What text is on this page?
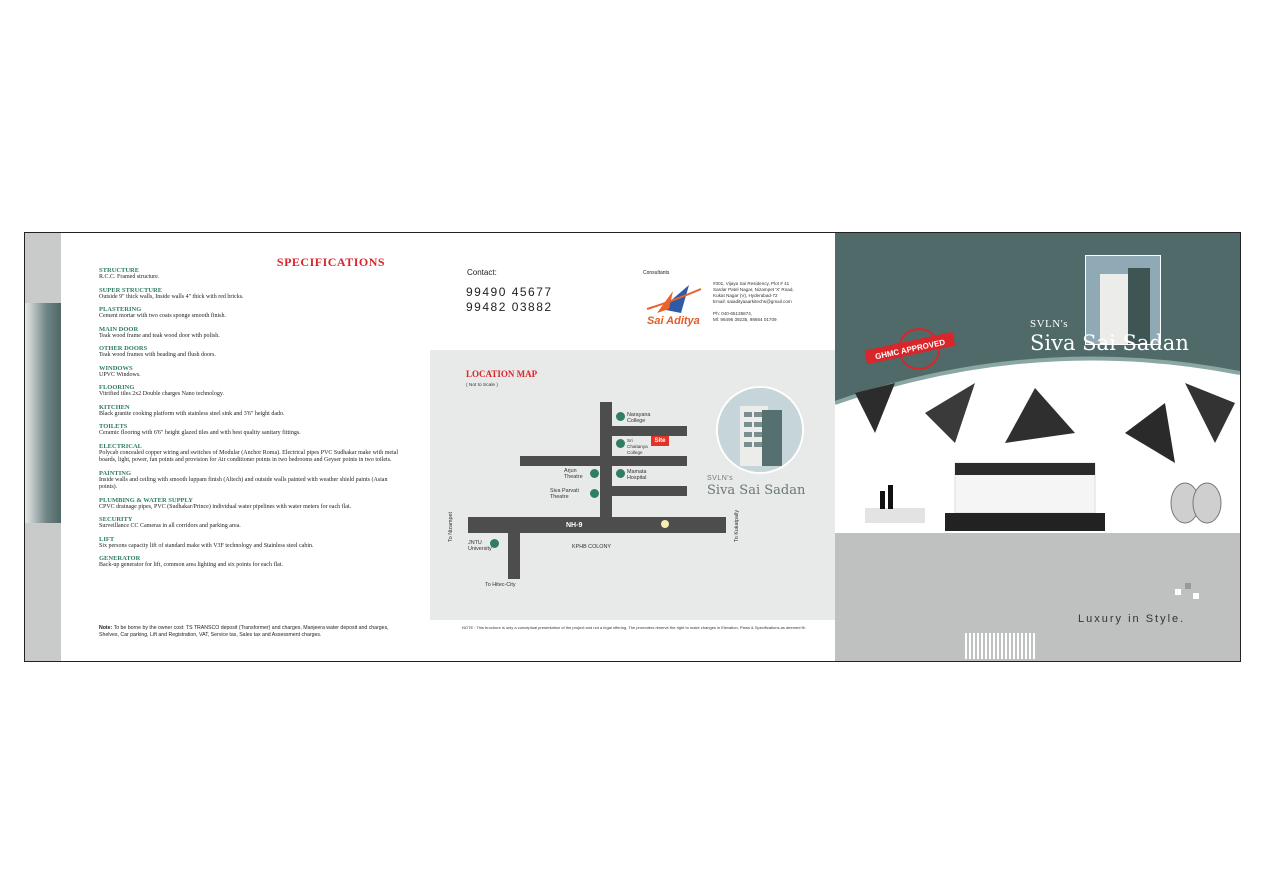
SPECIFICATIONS
STRUCTURE
R.C.C. Framed structure.
SUPER STRUCTURE
Outside 9" thick walls, Inside walls 4" thick with red bricks.
PLASTERING
Cement mortar with two coats sponge smooth finish.
MAIN DOOR
Teak wood frame and teak wood door with polish.
OTHER DOORS
Teak wood frames with beading and flush doors.
WINDOWS
UPVC Windows.
FLOORING
Vitrified tiles 2x2 Double charges Nano technology.
KITCHEN
Black granite cooking platform with stainless steel sink and 3'6" height dado.
TOILETS
Ceramic flooring with 6'6" height glazed tiles and with best quality sanitary fittings.
ELECTRICAL
Polycab concealed copper wiring and switches of Modular (Anchor Roma). Electrical pipes PVC Sudhakar make with metal boards, light, power, fan points and provision for Air conditioner points in two bedrooms and Geyser points in two toilets.
PAINTING
Inside walls and ceiling with smooth luppam finish (Altech) and outside walls painted with weather shield paints (Asian points).
PLUMBING & WATER SUPPLY
CPVC drainage pipes, PVC (Sudhakar/Prince) individual water pipelines with water meters for each flat.
SECURITY
Surveillance CC Cameras in all corridors and parking area.
LIFT
Six persons capacity lift of standard make with V3F technology and Stainless steel cabin.
GENERATOR
Back-up generator for lift, common area lighting and six points for each flat.
Note: To be borne by the owner cost: TS TRANSCO deposit (Transformer) and charges, Manjeera water deposit and charges, Shelves, Car parking, Lift and Registration, VAT, Service tax, Sales tax and Assessment charges.
Contact:
99490 45677
99482 03882
Consultants
Sai Aditya
#301, Vijaya Sai Residency, Plot # 41
Sardar Patel Nagar, Nizampet 'X' Road,
Kukat Nagar (V), Hyderabad-72
Email: saiadityaaarkitechs@gmail.com
Ph: 040-65135874,
Ml: 98496 39235, 98664 01709
LOCATION MAP
( Not to Scale )
NH-9
Narayana College
Sri Chaitanya College
Site
Arjun Theatre
Mamata Hospital
Siva Parvati Theatre
JNTU University	KPHB COLONY
To Hitec-City
To Nizampet	To Kukatpally
SVLN's
Siva Sai Sadan
NOTE : This brochure is only a conceptual presentation of the project and not a legal offering. The promoters reserve the right to make changes in Elevation, Plans & Specifications as deemed fit.
GHMC APPROVED
SVLN's
Siva Sai Sadan
Luxury in Style.
